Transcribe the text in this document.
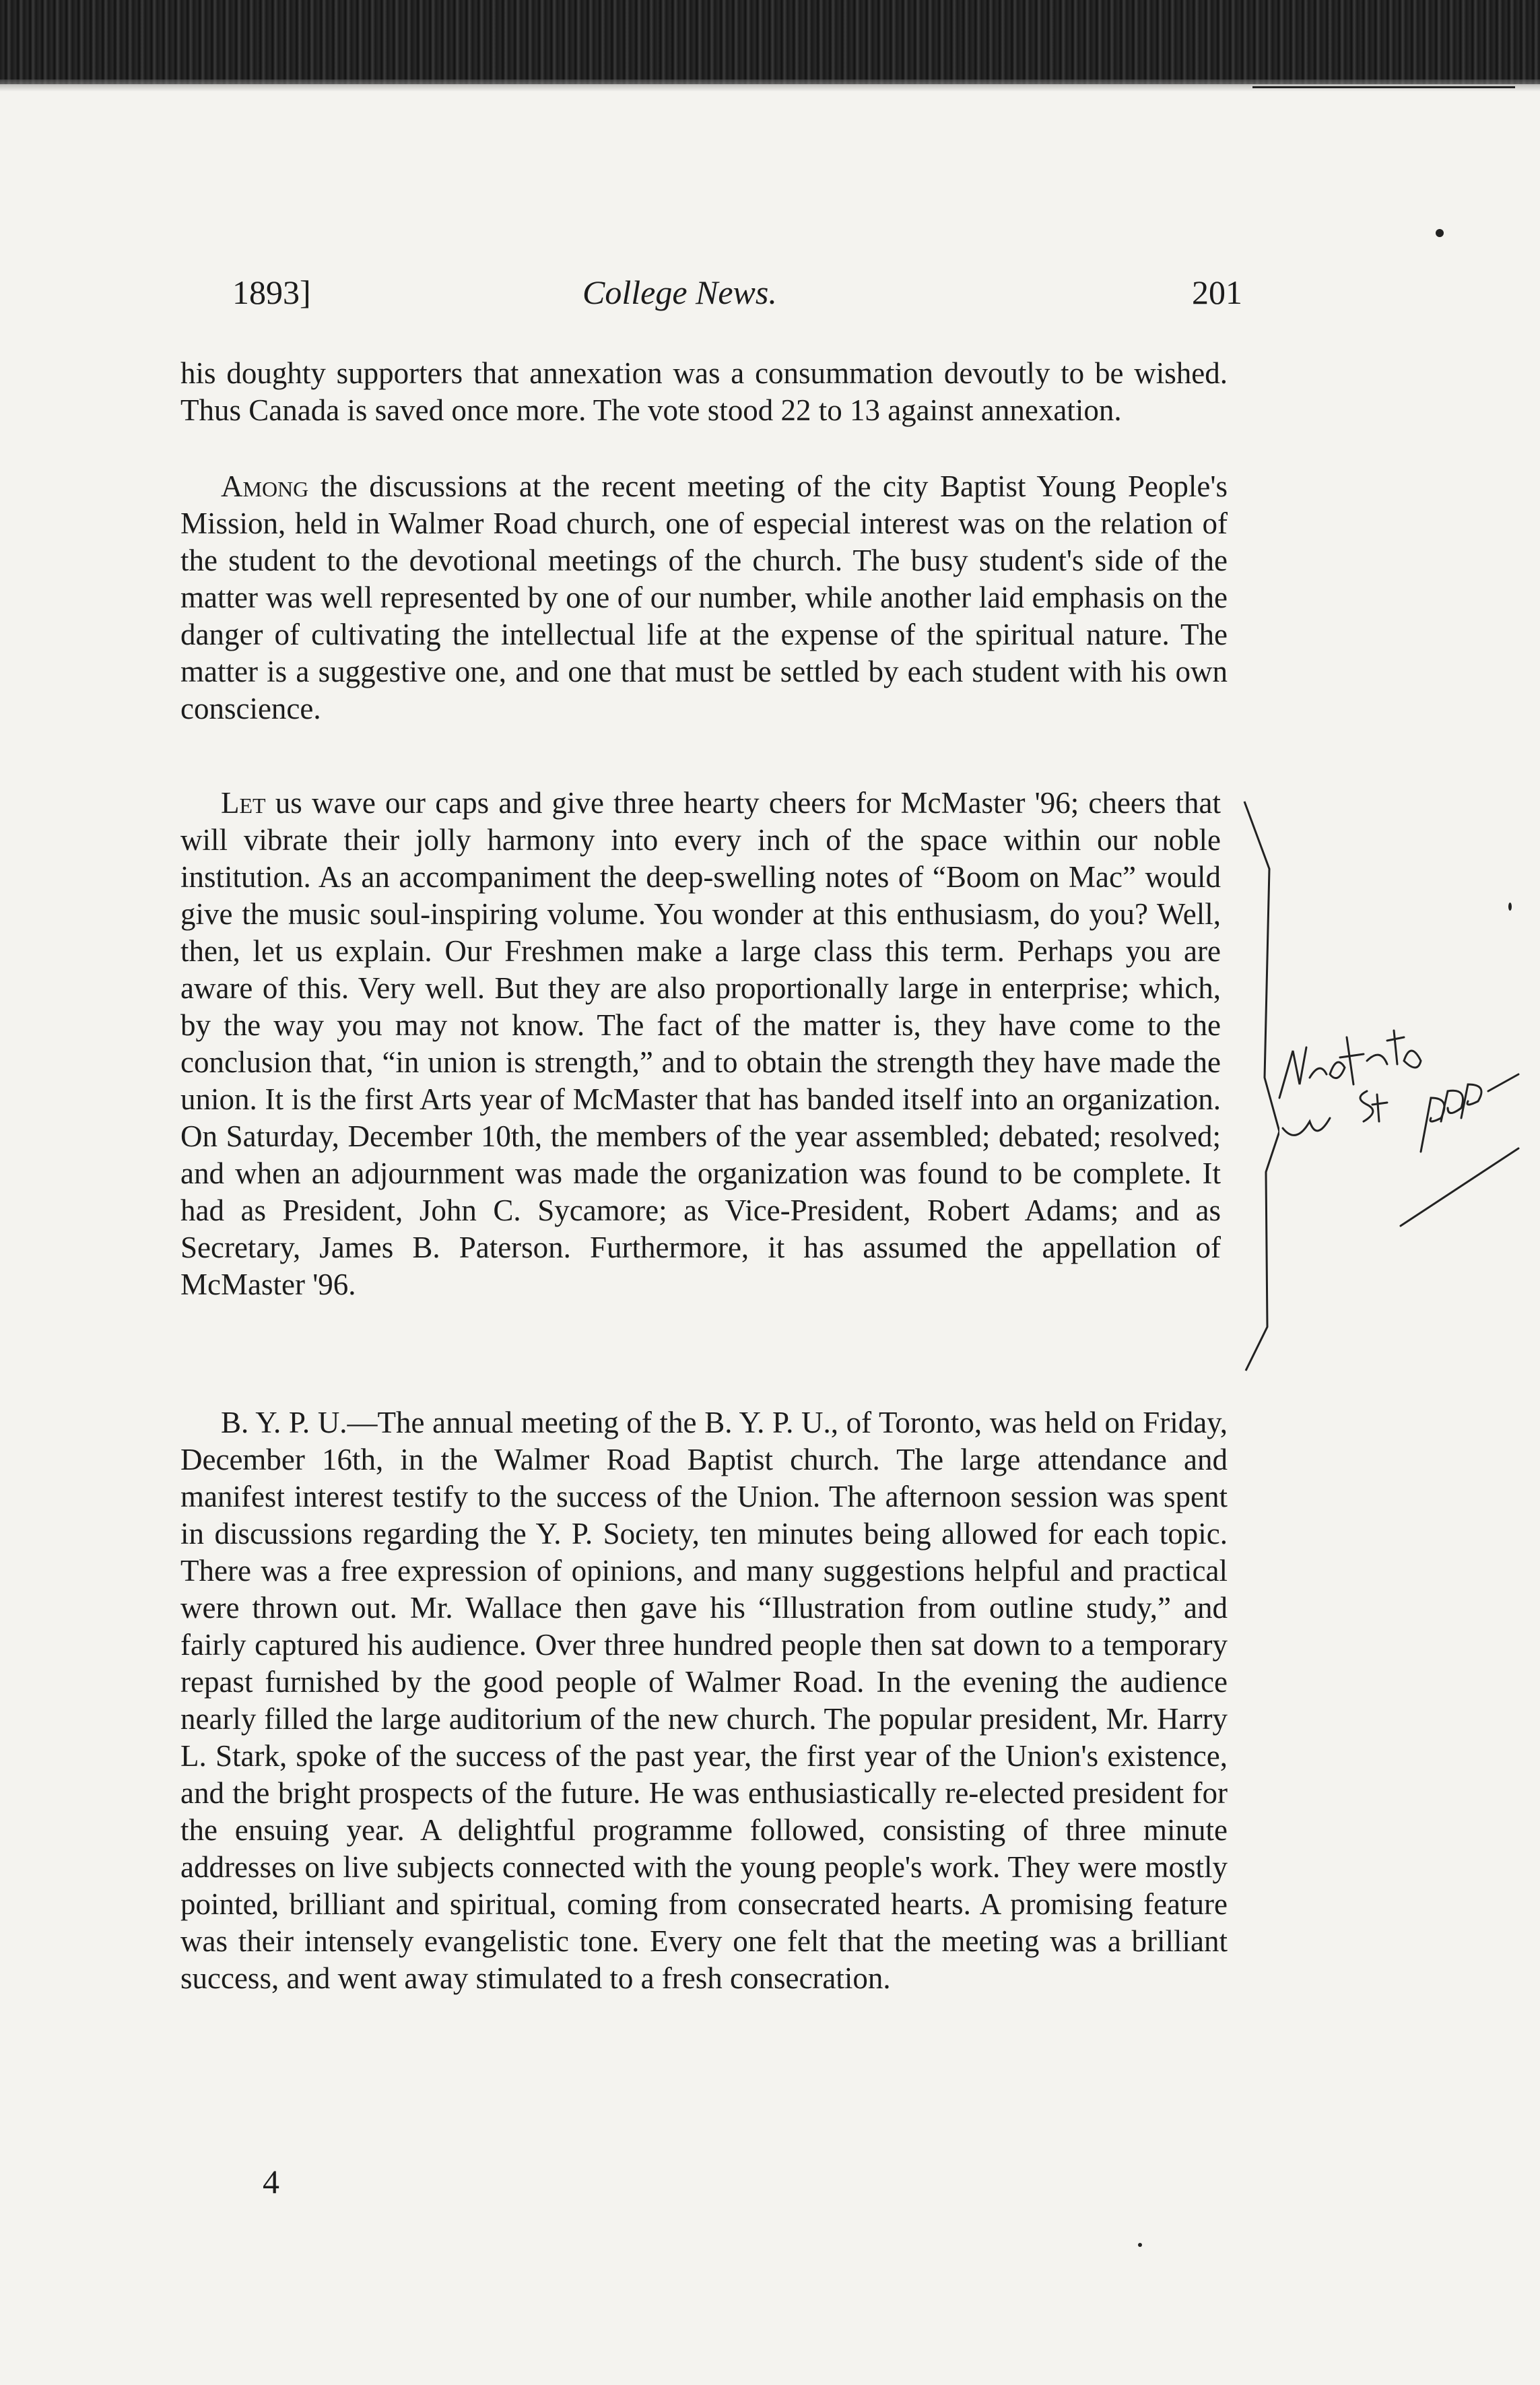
1893]	College News.	201

his doughty supporters that annexation was a consummation devoutly to be wished. Thus Canada is saved once more. The vote stood 22 to 13 against annexation.

Among the discussions at the recent meeting of the city Baptist Young People's Mission, held in Walmer Road church, one of especial interest was on the relation of the student to the devotional meetings of the church. The busy student's side of the matter was well represented by one of our number, while another laid emphasis on the danger of cultivating the intellectual life at the expense of the spiritual nature. The matter is a suggestive one, and one that must be settled by each student with his own conscience.

Let us wave our caps and give three hearty cheers for McMaster '96; cheers that will vibrate their jolly harmony into every inch of the space within our noble institution. As an accompaniment the deep-swelling notes of “Boom on Mac” would give the music soul-inspiring volume. You wonder at this enthusiasm, do you? Well, then, let us explain. Our Freshmen make a large class this term. Perhaps you are aware of this. Very well. But they are also proportionally large in enterprise; which, by the way you may not know. The fact of the matter is, they have come to the conclusion that, “in union is strength,” and to obtain the strength they have made the union. It is the first Arts year of McMaster that has banded itself into an organization. On Saturday, December 10th, the members of the year assembled; debated; resolved; and when an adjournment was made the organization was found to be complete. It had as President, John C. Sycamore; as Vice-President, Robert Adams; and as Secretary, James B. Paterson. Furthermore, it has assumed the appellation of McMaster '96.

B. Y. P. U.—The annual meeting of the B. Y. P. U., of Toronto, was held on Friday, December 16th, in the Walmer Road Baptist church. The large attendance and manifest interest testify to the success of the Union. The afternoon session was spent in discussions regarding the Y. P. Society, ten minutes being allowed for each topic. There was a free expression of opinions, and many suggestions helpful and practical were thrown out. Mr. Wallace then gave his “Illustration from outline study,” and fairly captured his audience. Over three hundred people then sat down to a temporary repast furnished by the good people of Walmer Road. In the evening the audience nearly filled the large auditorium of the new church. The popular president, Mr. Harry L. Stark, spoke of the success of the past year, the first year of the Union's existence, and the bright prospects of the future. He was enthusiastically re-elected president for the ensuing year. A delightful programme followed, consisting of three minute addresses on live subjects connected with the young people's work. They were mostly pointed, brilliant and spiritual, coming from consecrated hearts. A promising feature was their intensely evangelistic tone. Every one felt that the meeting was a brilliant success, and went away stimulated to a fresh consecration.

4
